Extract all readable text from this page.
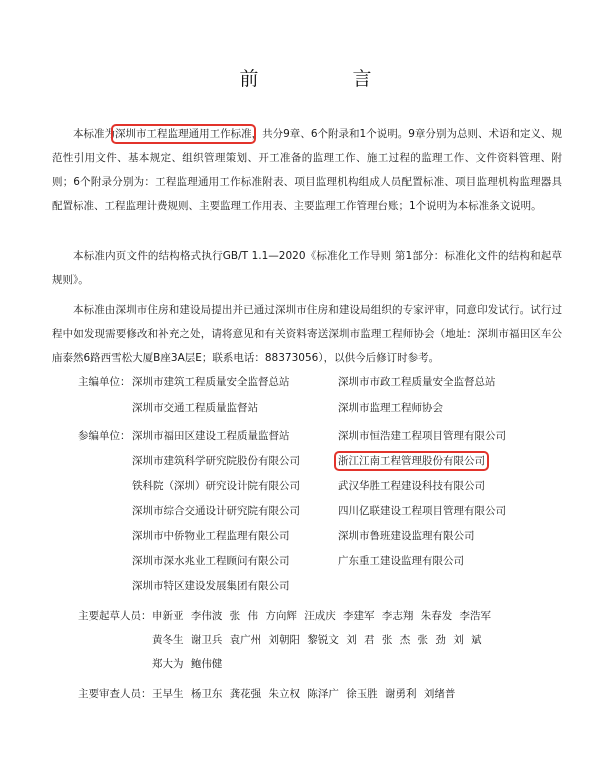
前 言

本标准为深圳市工程监理通用工作标准，共分9章、6个附录和1个说明。9章分别为总则、术语和定义、规范性引用文件、基本规定、组织管理策划、开工准备的监理工作、施工过程的监理工作、文件资料管理、附则；6个附录分别为：工程监理通用工作标准附表、项目监理机构组成人员配置标准、项目监理机构监理器具配置标准、工程监理计费规则、主要监理工作用表、主要监理工作管理台账；1个说明为本标准条文说明。

本标准内页文件的结构格式执行GB/T 1.1—2020《标准化工作导则 第1部分：标准化文件的结构和起草规则》。

本标准由深圳市住房和建设局提出并已通过深圳市住房和建设局组织的专家评审，同意印发试行。试行过程中如发现需要修改和补充之处，请将意见和有关资料寄送深圳市监理工程师协会（地址：深圳市福田区车公庙泰然6路西雪松大厦B座3A层E；联系电话：88373056），以供今后修订时参考。

主编单位： 深圳市建筑工程质量安全监督总站	深圳市市政工程质量安全监督总站
深圳市交通工程质量监督站	深圳市监理工程师协会
参编单位： 深圳市福田区建设工程质量监督站	深圳市恒浩建工程项目管理有限公司
深圳市建筑科学研究院股份有限公司	浙江江南工程管理股份有限公司
铁科院（深圳）研究设计院有限公司	武汉华胜工程建设科技有限公司
深圳市综合交通设计研究院有限公司	四川亿联建设工程项目管理有限公司
深圳市中侨物业工程监理有限公司	深圳市鲁班建设监理有限公司
深圳市深水兆业工程顾问有限公司	广东重工建设监理有限公司
深圳市特区建设发展集团有限公司
主要起草人员： 申新亚 李伟波 张 伟 方向辉 汪成庆 李建军 李志翔 朱春发 李浩军
黄冬生 谢卫兵 袁广州 刘朝阳 黎锐文 刘 君 张 杰 张 劲 刘 斌
郑大为 鲍伟健
主要审查人员： 王早生 杨卫东 龚花强 朱立权 陈泽广 徐玉胜 谢勇利 刘绪普
